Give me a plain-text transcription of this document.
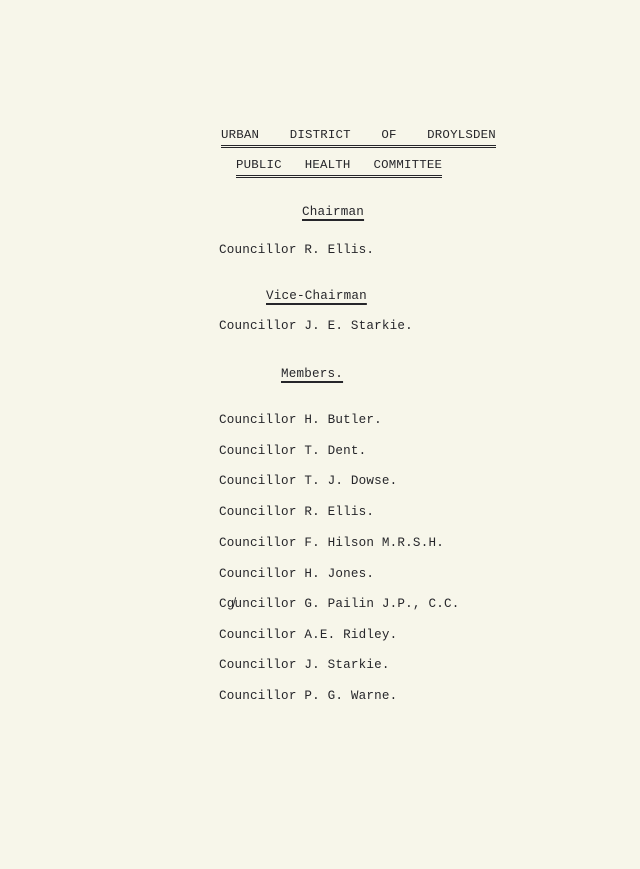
URBAN    DISTRICT    OF    DROYLSDEN
PUBLIC   HEALTH   COMMITTEE
Chairman
Councillor R. Ellis.
Vice-Chairman
Councillor J. E. Starkie.
Members.
Councillor H. Butler.
Councillor T. Dent.
Councillor T. J. Dowse.
Councillor R. Ellis.
Councillor F. Hilson M.R.S.H.
Councillor H. Jones.
Cg̸uncillor G. Pailin J.P., C.C.
Councillor A.E. Ridley.
Councillor J. Starkie.
Councillor P. G. Warne.
